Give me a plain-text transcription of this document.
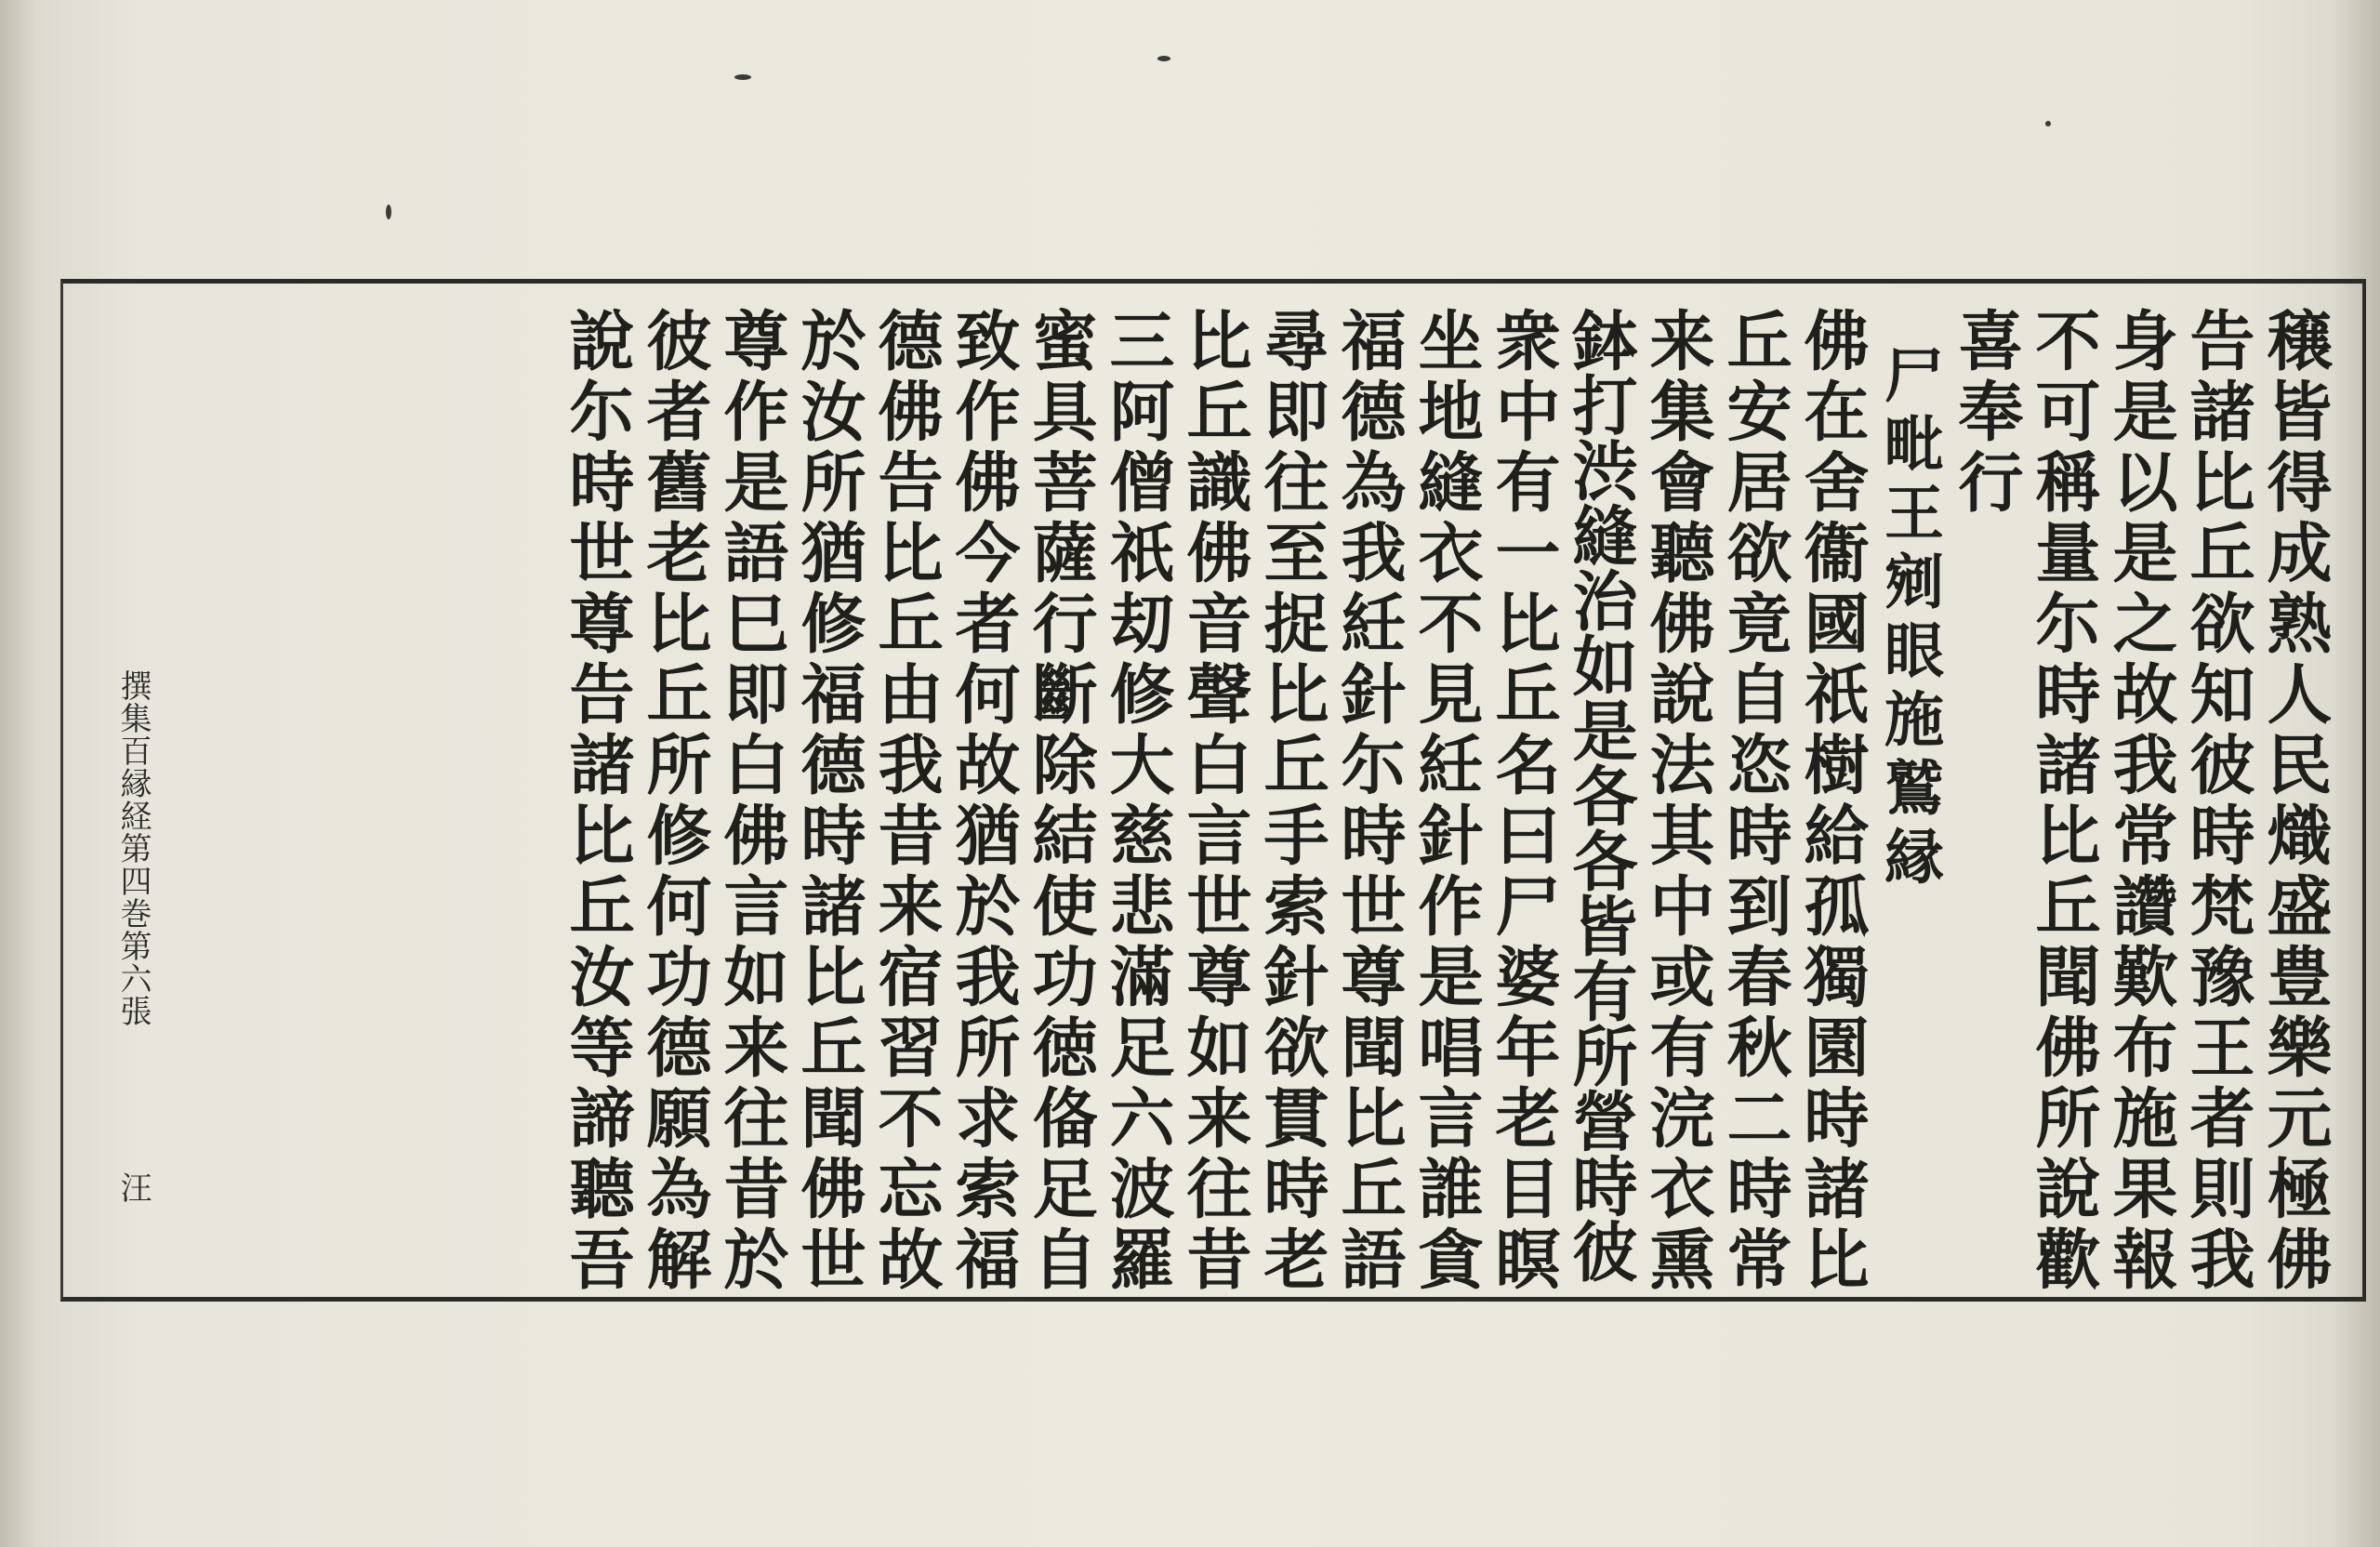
穣皆得成熟人民熾盛豊樂元極佛
告諸比丘欲知彼時梵豫王者則我
身是以是之故我常讚歎布施果報
不可稱量尓時諸比丘聞佛所說歡
喜奉行
尸毗王剜眼施鷲縁
佛在舍衞國祇樹給孤獨園時諸比
丘安居欲竟自恣時到春秋二時常
来集會聽佛說法其中或有浣衣熏
鉢打渋縫治如是各各皆有所營時彼
衆中有一比丘名曰尸婆年老目瞑
坐地縫衣不見紝針作是唱言誰貪
福德為我紝針尓時世尊聞比丘語
尋即往至捉比丘手索針欲貫時老
比丘識佛音聲白言世尊如来往昔
三阿僧祇刧修大慈悲滿足六波羅
蜜具菩薩行斷除結使功徳俻足自
致作佛今者何故猶於我所求索福
德佛告比丘由我昔来宿習不忘故
於汝所猶修福德時諸比丘聞佛世
尊作是語巳即白佛言如来往昔於
彼者舊老比丘所修何功德願為解
說尓時世尊告諸比丘汝等諦聽吾
撰集百縁経第四巻第六張
汪
